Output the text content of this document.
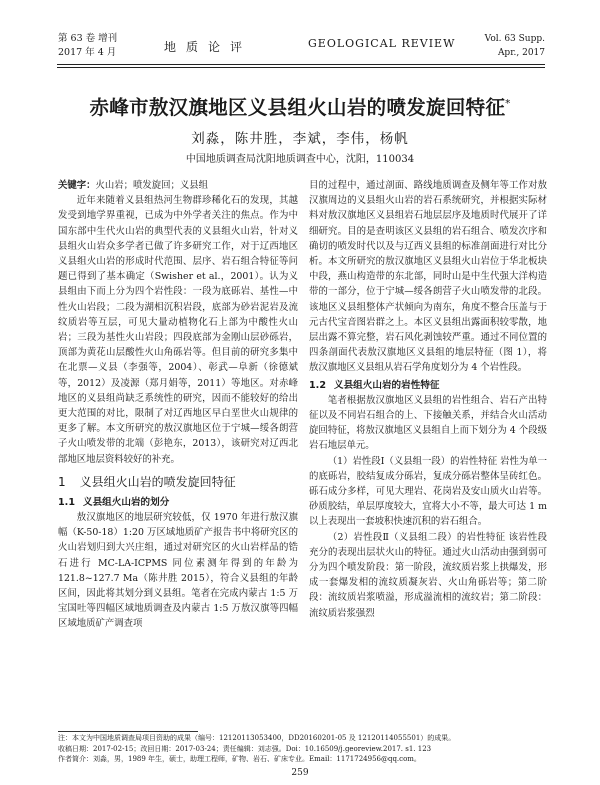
第 63 卷 增刊
2017 年 4 月	地质论评	GEOLOGICAL REVIEW	Vol. 63 Supp.
Apr., 2017
赤峰市敖汉旗地区义县组火山岩的喷发旋回特征*
刘淼，陈井胜，李斌，李伟，杨帆
中国地质调查局沈阳地质调查中心，沈阳，110034

关键字：火山岩；喷发旋回；义县组

近年来随着义县组热河生物群珍稀化石的发现，其越发受到地学界重视，已成为中外学者关注的焦点。作为中国东部中生代火山岩的典型代表的义县组火山岩，针对义县组火山岩众多学者已做了许多研究工作，对于辽西地区义县组火山岩的形成时代范围、层序、岩石组合特征等问题已得到了基本确定（Swisher et al.，2001）。认为义县组由下而上分为四个岩性段：一段为底砾岩、基性—中性火山岩段；二段为湖相沉积岩段，底部为砂岩泥岩及流纹质岩等互层，可见大量动植物化石上部为中酸性火山岩；三段为基性火山岩段；四段底部为金刚山层砂砾岩，顶部为黄花山层酸性火山角砾岩等。但目前的研究多集中在北票—义县（李强等，2004）、彰武—阜新（徐德斌等，2012）及凌源（郑月娟等，2011）等地区。对赤峰地区的义县组尚缺乏系统性的研究，因而不能较好的给出更大范围的对比，限制了对辽西地区早白垩世火山规律的更多了解。本文所研究的敖汉旗地区位于宁城—绥各朗营子火山喷发带的北端（彭艳东，2013），该研究对辽西北部地区地层资料较好的补充。

1 义县组火山岩的喷发旋回特征
1.1 义县组火山岩的划分

敖汉旗地区的地层研究较低，仅 1970 年进行敖汉旗幅（K-50-18）1:20 万区域地质矿产报告书中将研究区的火山岩划归到大兴庄组，通过对研究区的火山岩样品的锆石进行 MC-LA-ICPMS 同位素测年得到的年龄为 121.8~127.7 Ma（陈井胜 2015），符合义县组的年龄区间，因此将其划分到义县组。笔者在完成内蒙古 1:5 万宝国吐等四幅区域地质调查及内蒙古 1:5 万敖汉旗等四幅区域地质矿产调查项

目的过程中，通过剖面、路线地质调查及侧年等工作对敖汉旗周边的义县组火山岩的岩石系统研究，并根据实际材料对敖汉旗地区义县组岩石地层层序及地质时代展开了详细研究。目的是查明该区义县组的岩石组合、喷发次序和确切的喷发时代以及与辽西义县组的标准剖面进行对比分析。本文所研究的敖汉旗地区义县组火山岩位于华北板块中段，燕山构造带的东北部，同时山是中生代强大洋构造带的一部分，位于宁城—绥各朗营子火山喷发带的北段。该地区义县组整体产状倾向为南东，角度不整合压盖与于元古代宝音图岩群之上。本区义县组出露面积较零散，地层出露不算完整，岩石风化剥蚀较严重。通过不同位置的四条剖面代表敖汉旗地区义县组的地层特征（图 1），将敖汉旗地区义县组从岩石学角度划分为 4 个岩性段。

1.2 义县组火山岩的岩性特征

笔者根据敖汉旗地区义县组的岩性组合、岩石产出特征以及不同岩石组合的上、下接触关系，并结合火山活动旋回特征，将敖汉旗地区义县组自上而下划分为 4 个段级岩石地层单元。

（1）岩性段Ⅰ（义县组一段）的岩性特征 岩性为单一的底砾岩，胶结复成分砾岩，复成分砾岩整体呈砖红色。砾石成分多样，可见大理岩、花岗岩及安山质火山岩等。砂质胶结，单层厚度较大，宜将大小不等，最大可达 1 m 以上表现出一套坡积快速沉积的岩石组合。

（2）岩性段Ⅱ（义县组二段）的岩性特征 该岩性段充分的表现出层状火山的特征。通过火山活动由强到弱可分为四个喷发阶段：第一阶段，流纹质岩浆上拱爆发，形成一套爆发相的流纹质凝灰岩、火山角砾岩等；第二阶段：流纹质岩浆喷溢，形成溢流相的流纹岩；第二阶段：流纹质岩浆强烈

注：本文为中国地质调查局项目资助的成果（编号：12120113053400，DD20160201-05 及 12120114055501）的成果。
收稿日期：2017-02-15；改回日期：2017-03-24；责任编辑：刘志强。Doi：10.16509/j.georeview.2017. s1. 123
作者简介：刘淼，男，1989 年生，硕士，助理工程师，矿物、岩石、矿床专业。Email：1171724956@qq.com。
259
